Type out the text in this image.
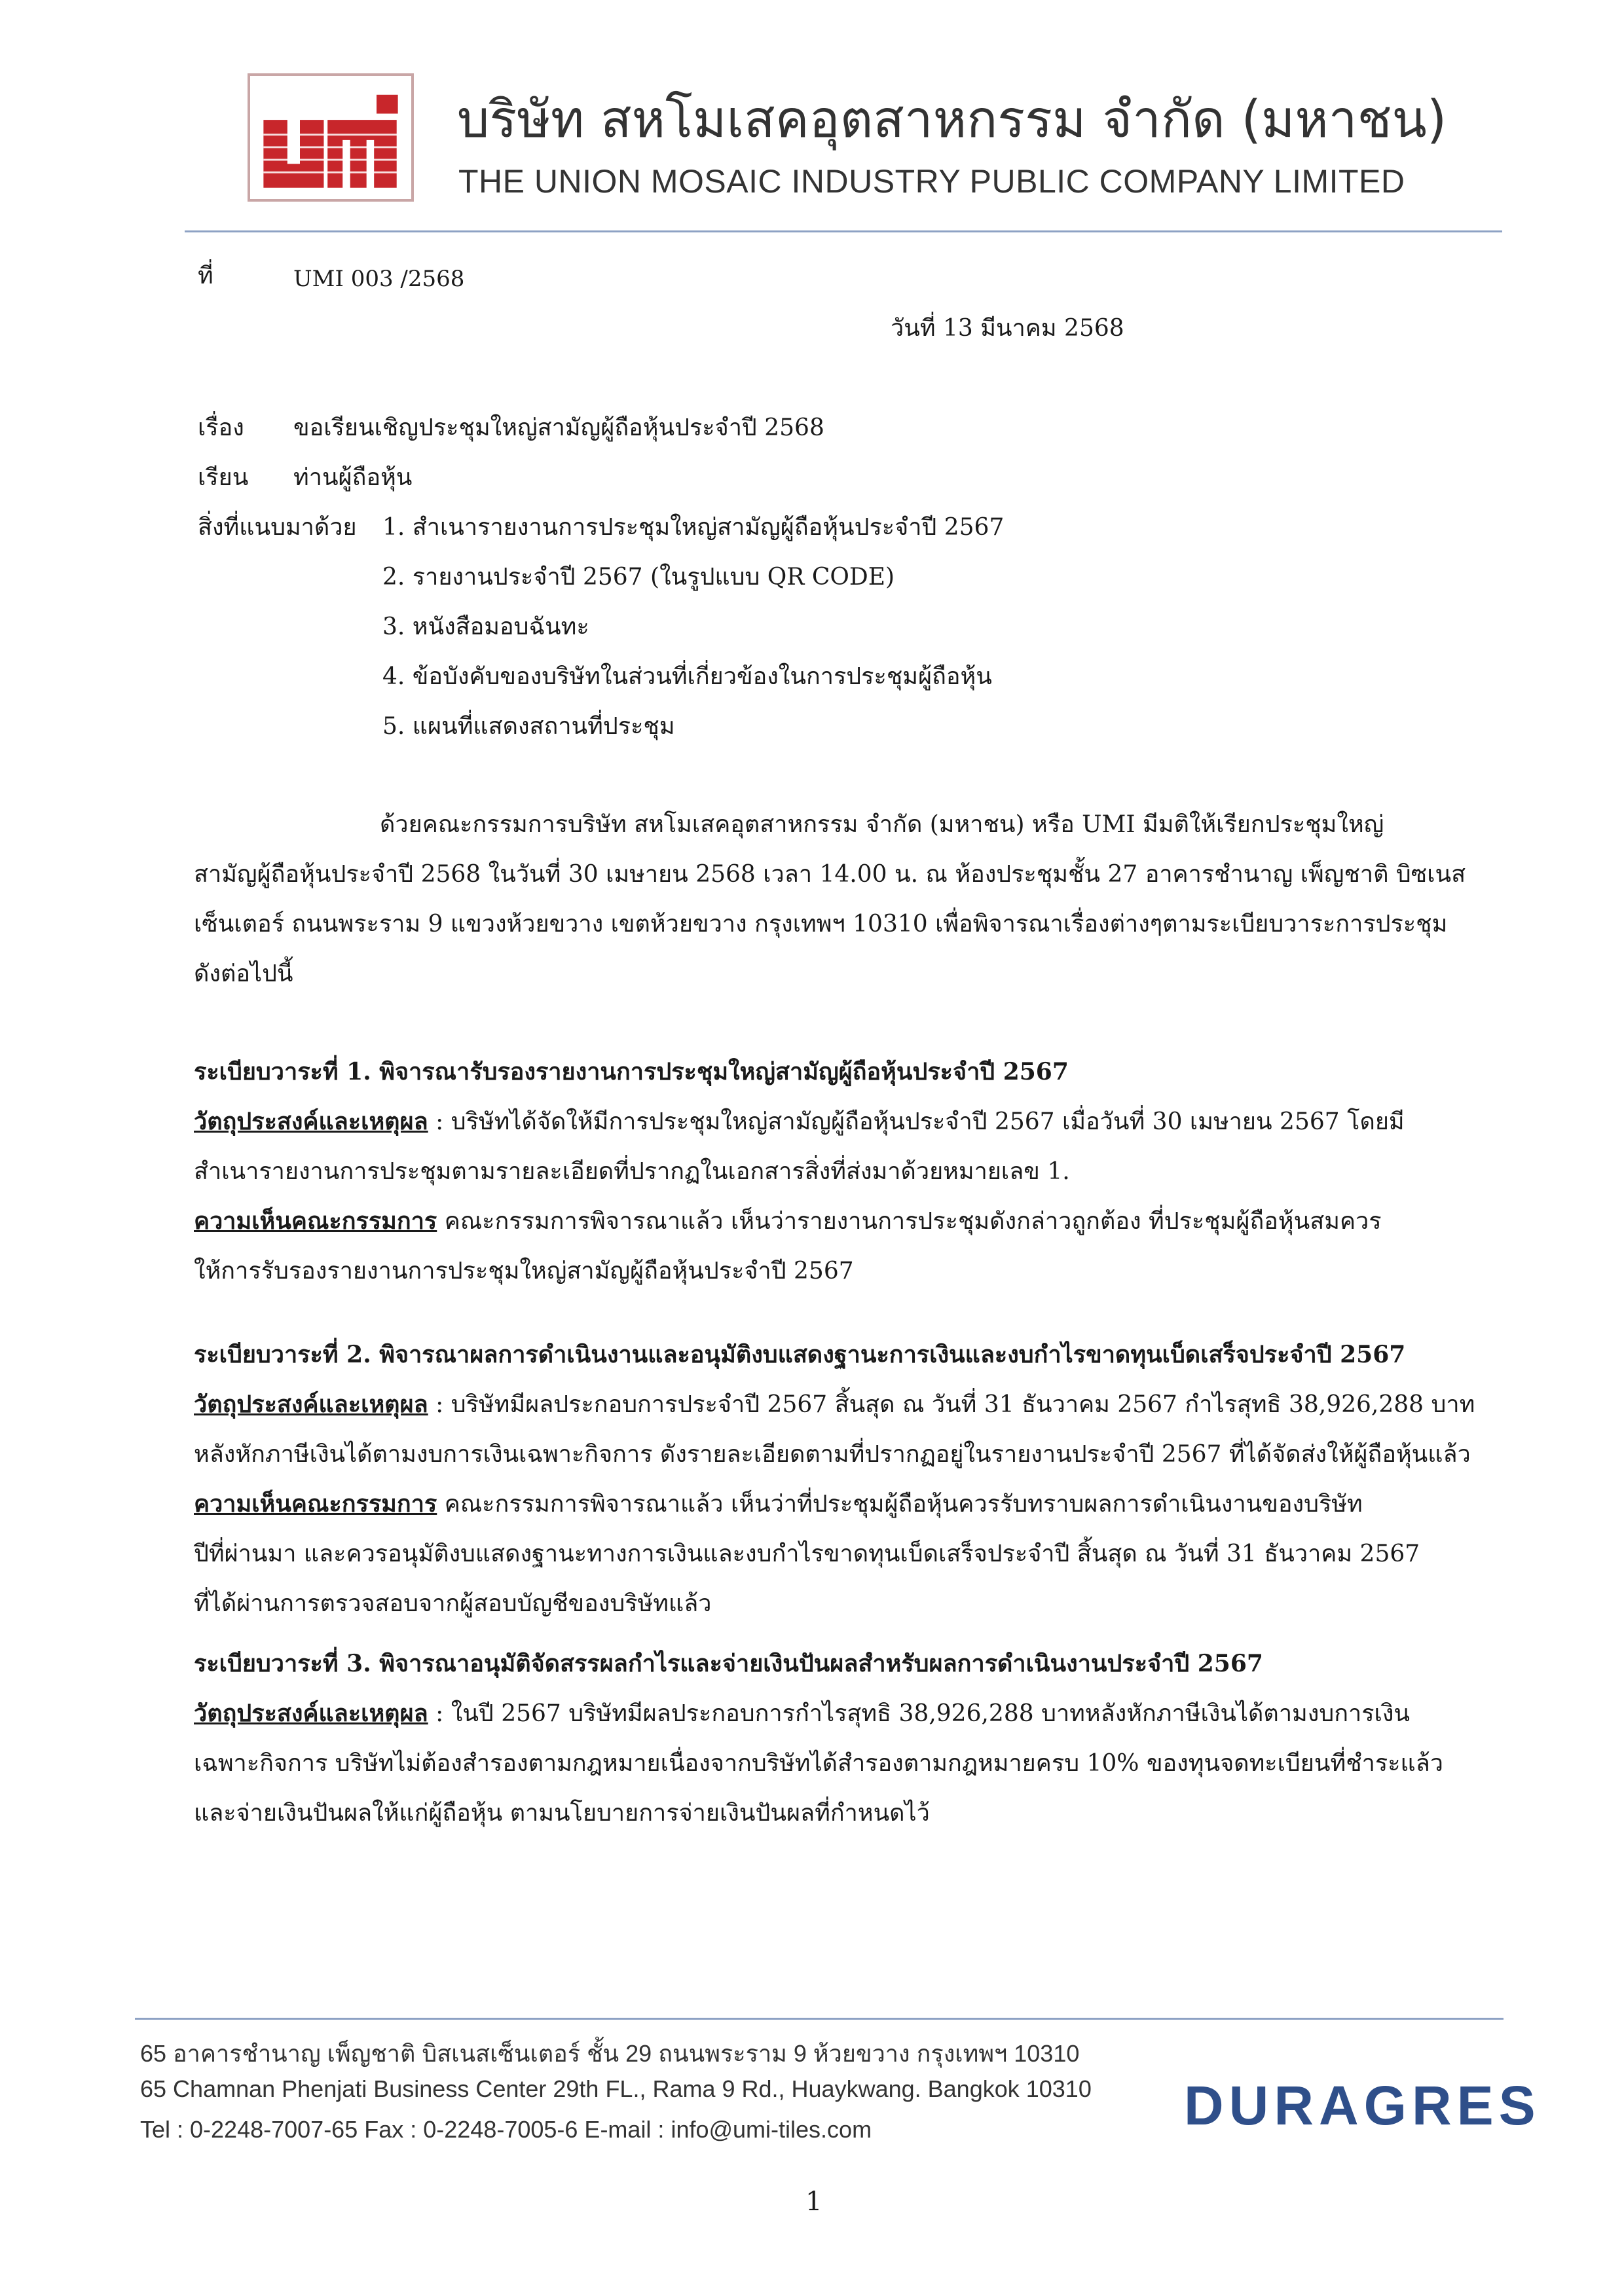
umi
บริษัท สหโมเสคอุตสาหกรรม จำกัด (มหาชน)
THE UNION MOSAIC INDUSTRY PUBLIC COMPANY LIMITED
ที่	UMI 003 /2568
วันที่ 13 มีนาคม 2568
เรื่อง ขอเรียนเชิญประชุมใหญ่สามัญผู้ถือหุ้นประจำปี 2568
เรียน ท่านผู้ถือหุ้น
สิ่งที่แนบมาด้วย 1. สำเนารายงานการประชุมใหญ่สามัญผู้ถือหุ้นประจำปี 2567
2. รายงานประจำปี 2567 (ในรูปแบบ QR CODE)
3. หนังสือมอบฉันทะ
4. ข้อบังคับของบริษัทในส่วนที่เกี่ยวข้องในการประชุมผู้ถือหุ้น
5. แผนที่แสดงสถานที่ประชุม
ด้วยคณะกรรมการบริษัท สหโมเสคอุตสาหกรรม จำกัด (มหาชน) หรือ UMI มีมติให้เรียกประชุมใหญ่
สามัญผู้ถือหุ้นประจำปี 2568 ในวันที่ 30 เมษายน 2568 เวลา 14.00 น. ณ ห้องประชุมชั้น 27 อาคารชำนาญ เพ็ญชาติ บิซเนส
เซ็นเตอร์ ถนนพระราม 9 แขวงห้วยขวาง เขตห้วยขวาง กรุงเทพฯ 10310 เพื่อพิจารณาเรื่องต่างๆตามระเบียบวาระการประชุม
ดังต่อไปนี้
ระเบียบวาระที่ 1. พิจารณารับรองรายงานการประชุมใหญ่สามัญผู้ถือหุ้นประจำปี 2567
วัตถุประสงค์และเหตุผล : บริษัทได้จัดให้มีการประชุมใหญ่สามัญผู้ถือหุ้นประจำปี 2567 เมื่อวันที่ 30 เมษายน 2567 โดยมี
สำเนารายงานการประชุมตามรายละเอียดที่ปรากฏในเอกสารสิ่งที่ส่งมาด้วยหมายเลข 1.
ความเห็นคณะกรรมการ คณะกรรมการพิจารณาแล้ว เห็นว่ารายงานการประชุมดังกล่าวถูกต้อง ที่ประชุมผู้ถือหุ้นสมควร
ให้การรับรองรายงานการประชุมใหญ่สามัญผู้ถือหุ้นประจำปี 2567
ระเบียบวาระที่ 2. พิจารณาผลการดำเนินงานและอนุมัติงบแสดงฐานะการเงินและงบกำไรขาดทุนเบ็ดเสร็จประจำปี 2567
วัตถุประสงค์และเหตุผล : บริษัทมีผลประกอบการประจำปี 2567 สิ้นสุด ณ วันที่ 31 ธันวาคม 2567 กำไรสุทธิ 38,926,288 บาท
หลังหักภาษีเงินได้ตามงบการเงินเฉพาะกิจการ ดังรายละเอียดตามที่ปรากฏอยู่ในรายงานประจำปี 2567 ที่ได้จัดส่งให้ผู้ถือหุ้นแล้ว
ความเห็นคณะกรรมการ คณะกรรมการพิจารณาแล้ว เห็นว่าที่ประชุมผู้ถือหุ้นควรรับทราบผลการดำเนินงานของบริษัท
ปีที่ผ่านมา และควรอนุมัติงบแสดงฐานะทางการเงินและงบกำไรขาดทุนเบ็ดเสร็จประจำปี สิ้นสุด ณ วันที่ 31 ธันวาคม 2567
ที่ได้ผ่านการตรวจสอบจากผู้สอบบัญชีของบริษัทแล้ว
ระเบียบวาระที่ 3. พิจารณาอนุมัติจัดสรรผลกำไรและจ่ายเงินปันผลสำหรับผลการดำเนินงานประจำปี 2567
วัตถุประสงค์และเหตุผล : ในปี 2567 บริษัทมีผลประกอบการกำไรสุทธิ 38,926,288 บาทหลังหักภาษีเงินได้ตามงบการเงิน
เฉพาะกิจการ บริษัทไม่ต้องสำรองตามกฎหมายเนื่องจากบริษัทได้สำรองตามกฎหมายครบ 10% ของทุนจดทะเบียนที่ชำระแล้ว
และจ่ายเงินปันผลให้แก่ผู้ถือหุ้น ตามนโยบายการจ่ายเงินปันผลที่กำหนดไว้
65 อาคารชำนาญ เพ็ญชาติ บิสเนสเซ็นเตอร์ ชั้น 29 ถนนพระราม 9 ห้วยขวาง กรุงเทพฯ 10310
65 Chamnan Phenjati Business Center 29th FL., Rama 9 Rd., Huaykwang. Bangkok 10310
Tel : 0-2248-7007-65 Fax : 0-2248-7005-6 E-mail : info@umi-tiles.com	DURAGRES
1
